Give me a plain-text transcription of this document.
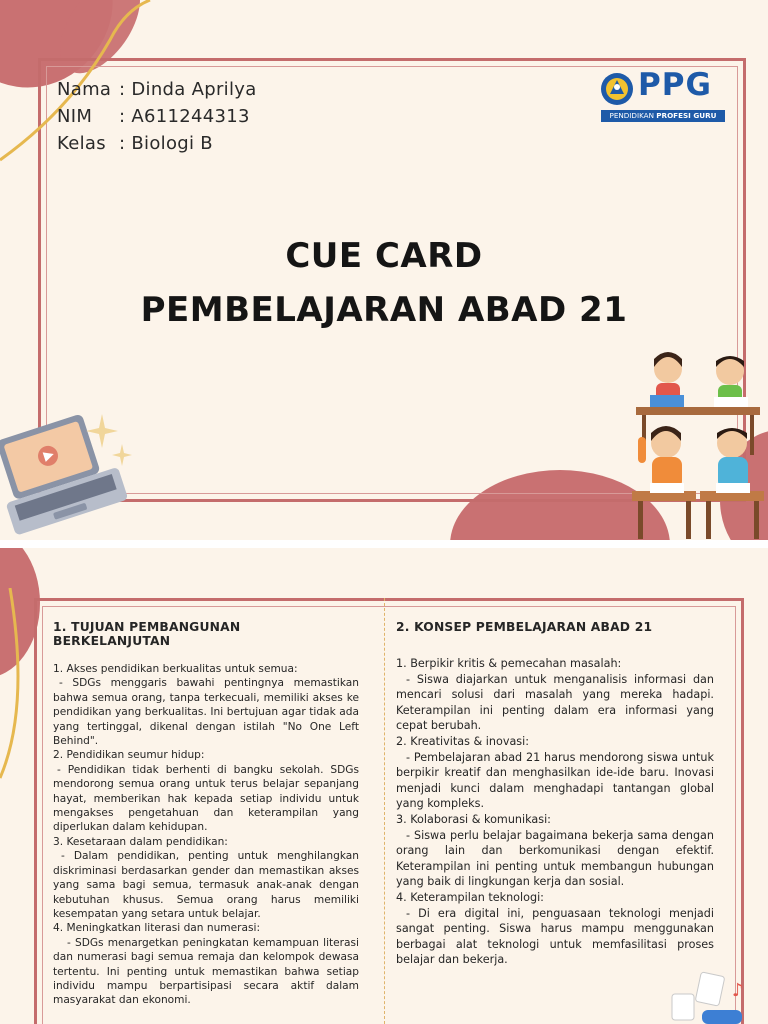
Nama : Dinda Aprilya
NIM : A611244313
Kelas : Biologi B
PPG
PENDIDIKAN PROFESI GURU
CUE CARD
PEMBELAJARAN ABAD 21
♪
1. TUJUAN PEMBANGUNAN BERKELANJUTAN

1. Akses pendidikan berkualitas untuk semua:

- SDGs menggaris bawahi pentingnya memastikan bahwa semua orang, tanpa terkecuali, memiliki akses ke pendidikan yang berkualitas. Ini bertujuan agar tidak ada yang tertinggal, dikenal dengan istilah "No One Left Behind".

2. Pendidikan seumur hidup:

- Pendidikan tidak berhenti di bangku sekolah. SDGs mendorong semua orang untuk terus belajar sepanjang hayat, memberikan hak kepada setiap individu untuk mengakses pengetahuan dan keterampilan yang diperlukan dalam kehidupan.

3. Kesetaraan dalam pendidikan:

- Dalam pendidikan, penting untuk menghilangkan diskriminasi berdasarkan gender dan memastikan akses yang sama bagi semua, termasuk anak-anak dengan kebutuhan khusus. Semua orang harus memiliki kesempatan yang setara untuk belajar.

4. Meningkatkan literasi dan numerasi:

- SDGs menargetkan peningkatan kemampuan literasi dan numerasi bagi semua remaja dan kelompok dewasa tertentu. Ini penting untuk memastikan bahwa setiap individu mampu berpartisipasi secara aktif dalam masyarakat dan ekonomi.

2. KONSEP PEMBELAJARAN ABAD 21

1. Berpikir kritis & pemecahan masalah:

- Siswa diajarkan untuk menganalisis informasi dan mencari solusi dari masalah yang mereka hadapi. Keterampilan ini penting dalam era informasi yang cepat berubah.

2. Kreativitas & inovasi:

- Pembelajaran abad 21 harus mendorong siswa untuk berpikir kreatif dan menghasilkan ide-ide baru. Inovasi menjadi kunci dalam menghadapi tantangan global yang kompleks.

3. Kolaborasi & komunikasi:

- Siswa perlu belajar bagaimana bekerja sama dengan orang lain dan berkomunikasi dengan efektif. Keterampilan ini penting untuk membangun hubungan yang baik di lingkungan kerja dan sosial.

4. Keterampilan teknologi:

- Di era digital ini, penguasaan teknologi menjadi sangat penting. Siswa harus mampu menggunakan berbagai alat teknologi untuk memfasilitasi proses belajar dan bekerja.
